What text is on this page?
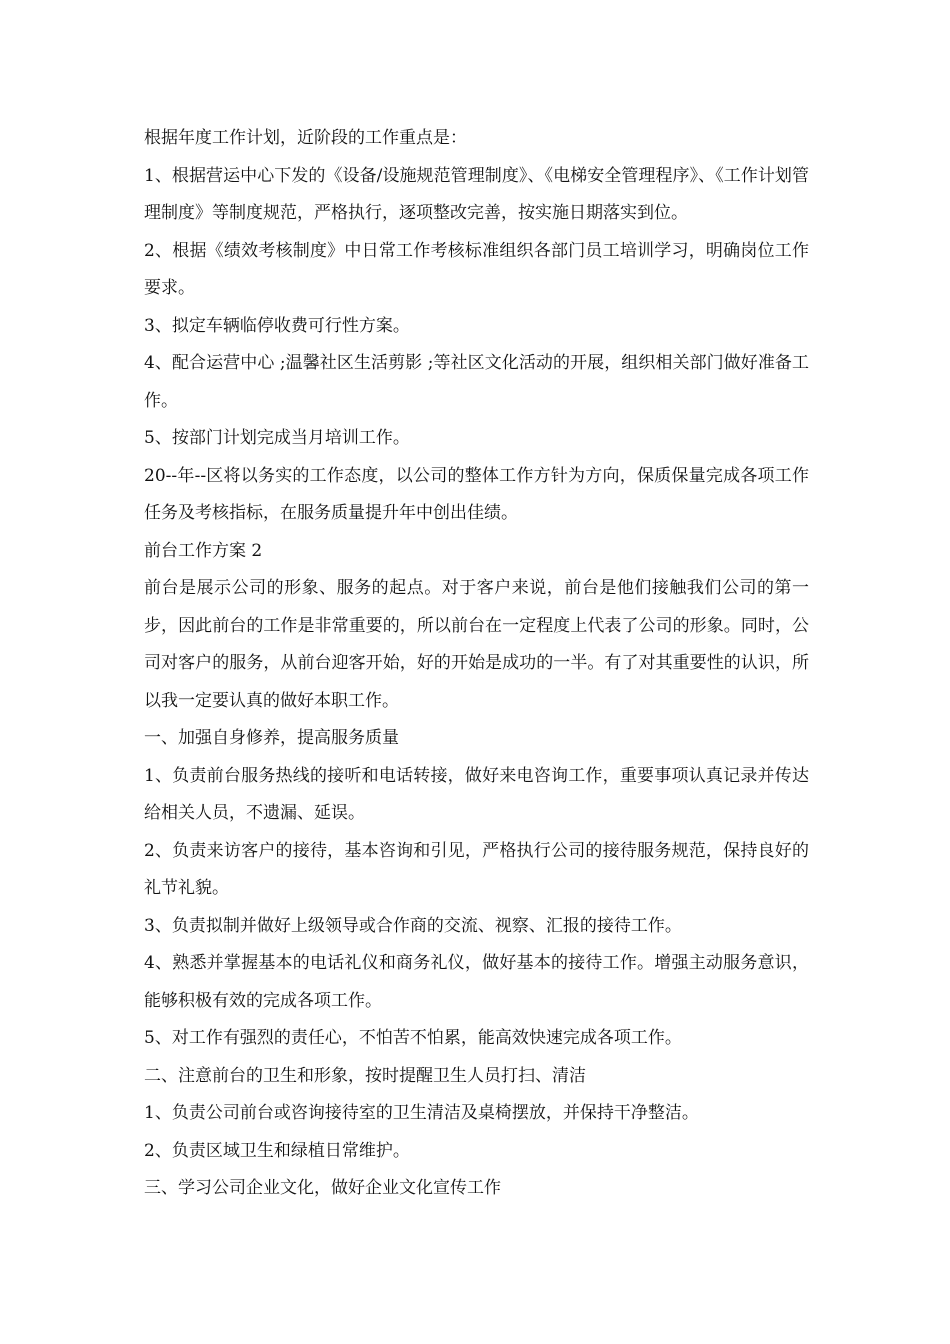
根据年度工作计划，近阶段的工作重点是：

1、根据营运中心下发的《设备/设施规范管理制度》、《电梯安全管理程序》、《工作计划管理制度》等制度规范，严格执行，逐项整改完善，按实施日期落实到位。

2、根据《绩效考核制度》中日常工作考核标准组织各部门员工培训学习，明确岗位工作要求。

3、拟定车辆临停收费可行性方案。

4、配合运营中心 ;温馨社区生活剪影 ;等社区文化活动的开展，组织相关部门做好准备工作。

5、按部门计划完成当月培训工作。

20--年--区将以务实的工作态度，以公司的整体工作方针为方向，保质保量完成各项工作任务及考核指标，在服务质量提升年中创出佳绩。

前台工作方案 2

前台是展示公司的形象、服务的起点。对于客户来说，前台是他们接触我们公司的第一步，因此前台的工作是非常重要的，所以前台在一定程度上代表了公司的形象。同时，公司对客户的服务，从前台迎客开始，好的开始是成功的一半。有了对其重要性的认识，所以我一定要认真的做好本职工作。

一、加强自身修养，提高服务质量

1、负责前台服务热线的接听和电话转接，做好来电咨询工作，重要事项认真记录并传达给相关人员，不遗漏、延误。

2、负责来访客户的接待，基本咨询和引见，严格执行公司的接待服务规范，保持良好的礼节礼貌。

3、负责拟制并做好上级领导或合作商的交流、视察、汇报的接待工作。

4、熟悉并掌握基本的电话礼仪和商务礼仪，做好基本的接待工作。增强主动服务意识，能够积极有效的完成各项工作。

5、对工作有强烈的责任心，不怕苦不怕累，能高效快速完成各项工作。

二、注意前台的卫生和形象，按时提醒卫生人员打扫、清洁

1、负责公司前台或咨询接待室的卫生清洁及桌椅摆放，并保持干净整洁。

2、负责区域卫生和绿植日常维护。

三、学习公司企业文化，做好企业文化宣传工作
